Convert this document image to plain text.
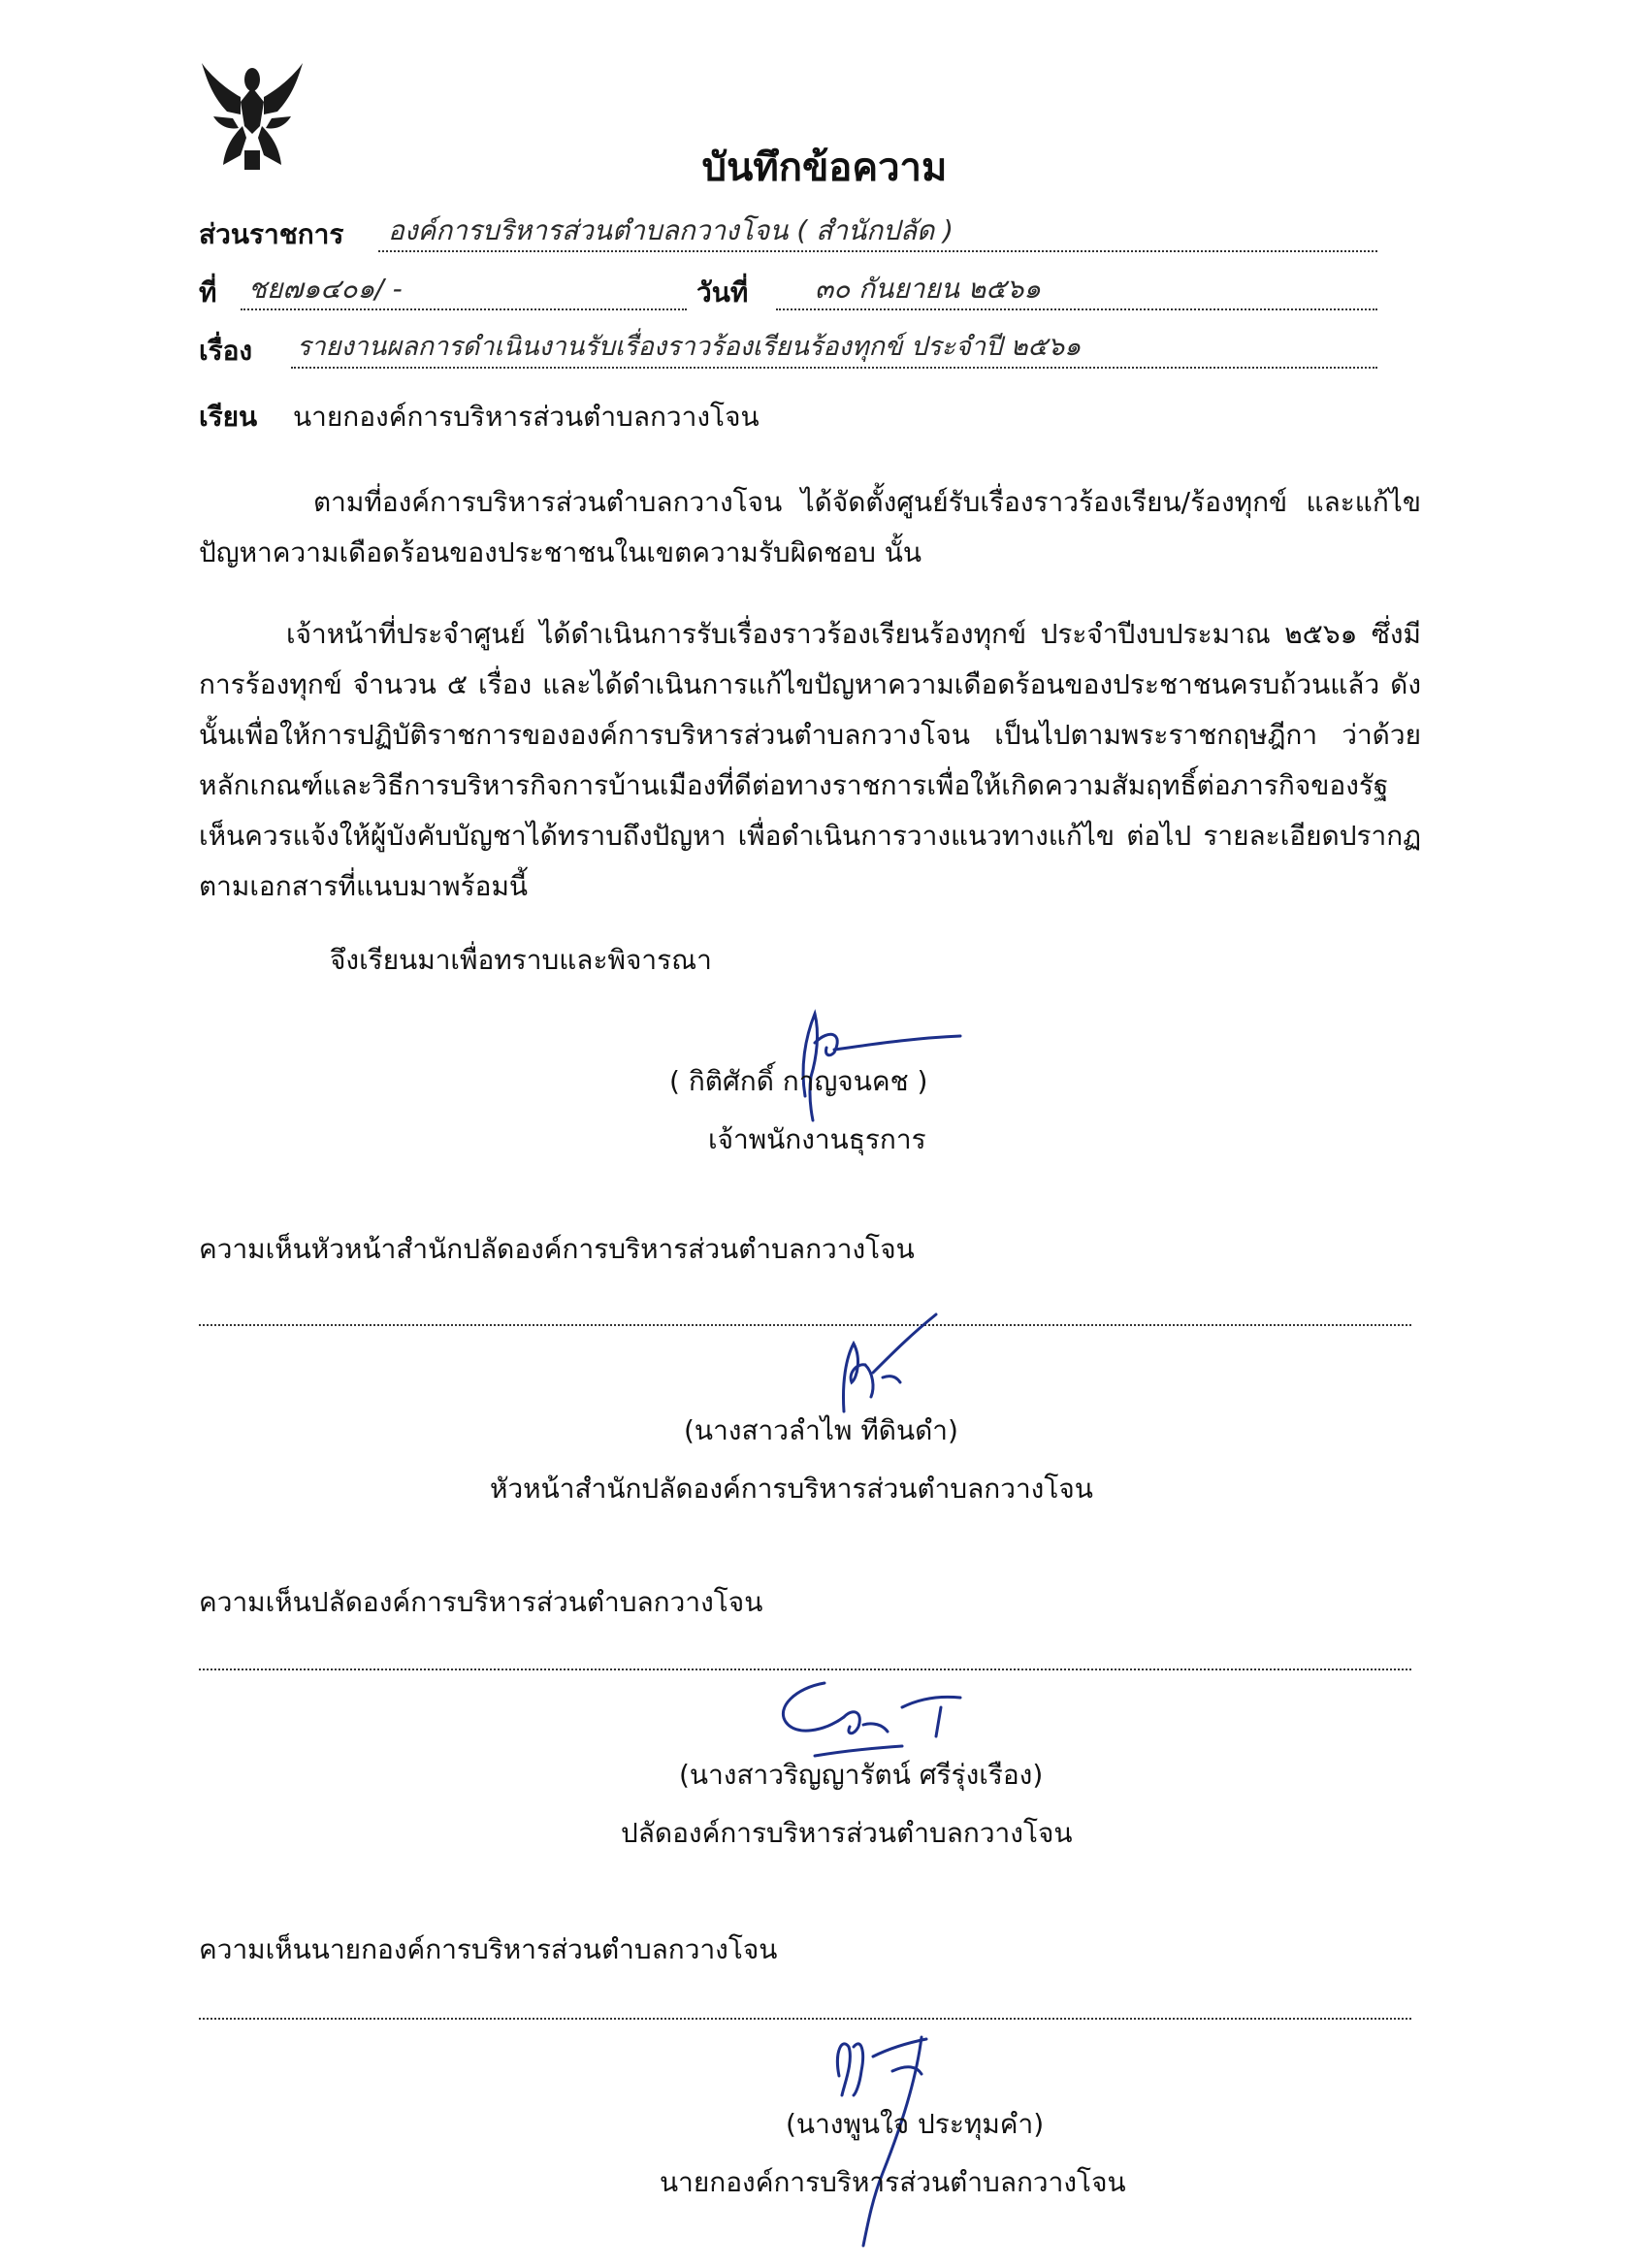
บันทึกข้อความ
ส่วนราชการ องค์การบริหารส่วนตำบลกวางโจน ( สำนักปลัด )
ที่ ชย๗๑๔๐๑/ -	วันที่ ๓๐ กันยายน ๒๕๖๑
เรื่อง รายงานผลการดำเนินงานรับเรื่องราวร้องเรียนร้องทุกข์ ประจำปี ๒๕๖๑
เรียน นายกองค์การบริหารส่วนตำบลกวางโจน
ตามที่องค์การบริหารส่วนตำบลกวางโจน ได้จัดตั้งศูนย์รับเรื่องราวร้องเรียน/ร้องทุกข์ และแก้ไขปัญหาความเดือดร้อนของประชาชนในเขตความรับผิดชอบ นั้น
เจ้าหน้าที่ประจำศูนย์ ได้ดำเนินการรับเรื่องราวร้องเรียนร้องทุกข์ ประจำปีงบประมาณ ๒๕๖๑ ซึ่งมีการร้องทุกข์ จำนวน ๕ เรื่อง และได้ดำเนินการแก้ไขปัญหาความเดือดร้อนของประชาชนครบถ้วนแล้ว ดังนั้นเพื่อให้การปฏิบัติราชการขององค์การบริหารส่วนตำบลกวางโจน เป็นไปตามพระราชกฤษฎีกา ว่าด้วยหลักเกณฑ์และวิธีการบริหารกิจการบ้านเมืองที่ดีต่อทางราชการเพื่อให้เกิดความสัมฤทธิ์ต่อภารกิจของรัฐ เห็นควรแจ้งให้ผู้บังคับบัญชาได้ทราบถึงปัญหา เพื่อดำเนินการวางแนวทางแก้ไข ต่อไป รายละเอียดปรากฏตามเอกสารที่แนบมาพร้อมนี้
จึงเรียนมาเพื่อทราบและพิจารณา
( กิติศักดิ์ กาญจนคช )
เจ้าพนักงานธุรการ
ความเห็นหัวหน้าสำนักปลัดองค์การบริหารส่วนตำบลกวางโจน
(นางสาวลำไพ ทีดินดำ)
หัวหน้าสำนักปลัดองค์การบริหารส่วนตำบลกวางโจน
ความเห็นปลัดองค์การบริหารส่วนตำบลกวางโจน
(นางสาวริญญารัตน์ ศรีรุ่งเรือง)
ปลัดองค์การบริหารส่วนตำบลกวางโจน
ความเห็นนายกองค์การบริหารส่วนตำบลกวางโจน
(นางพูนใจ ประทุมคำ)
นายกองค์การบริหารส่วนตำบลกวางโจน
